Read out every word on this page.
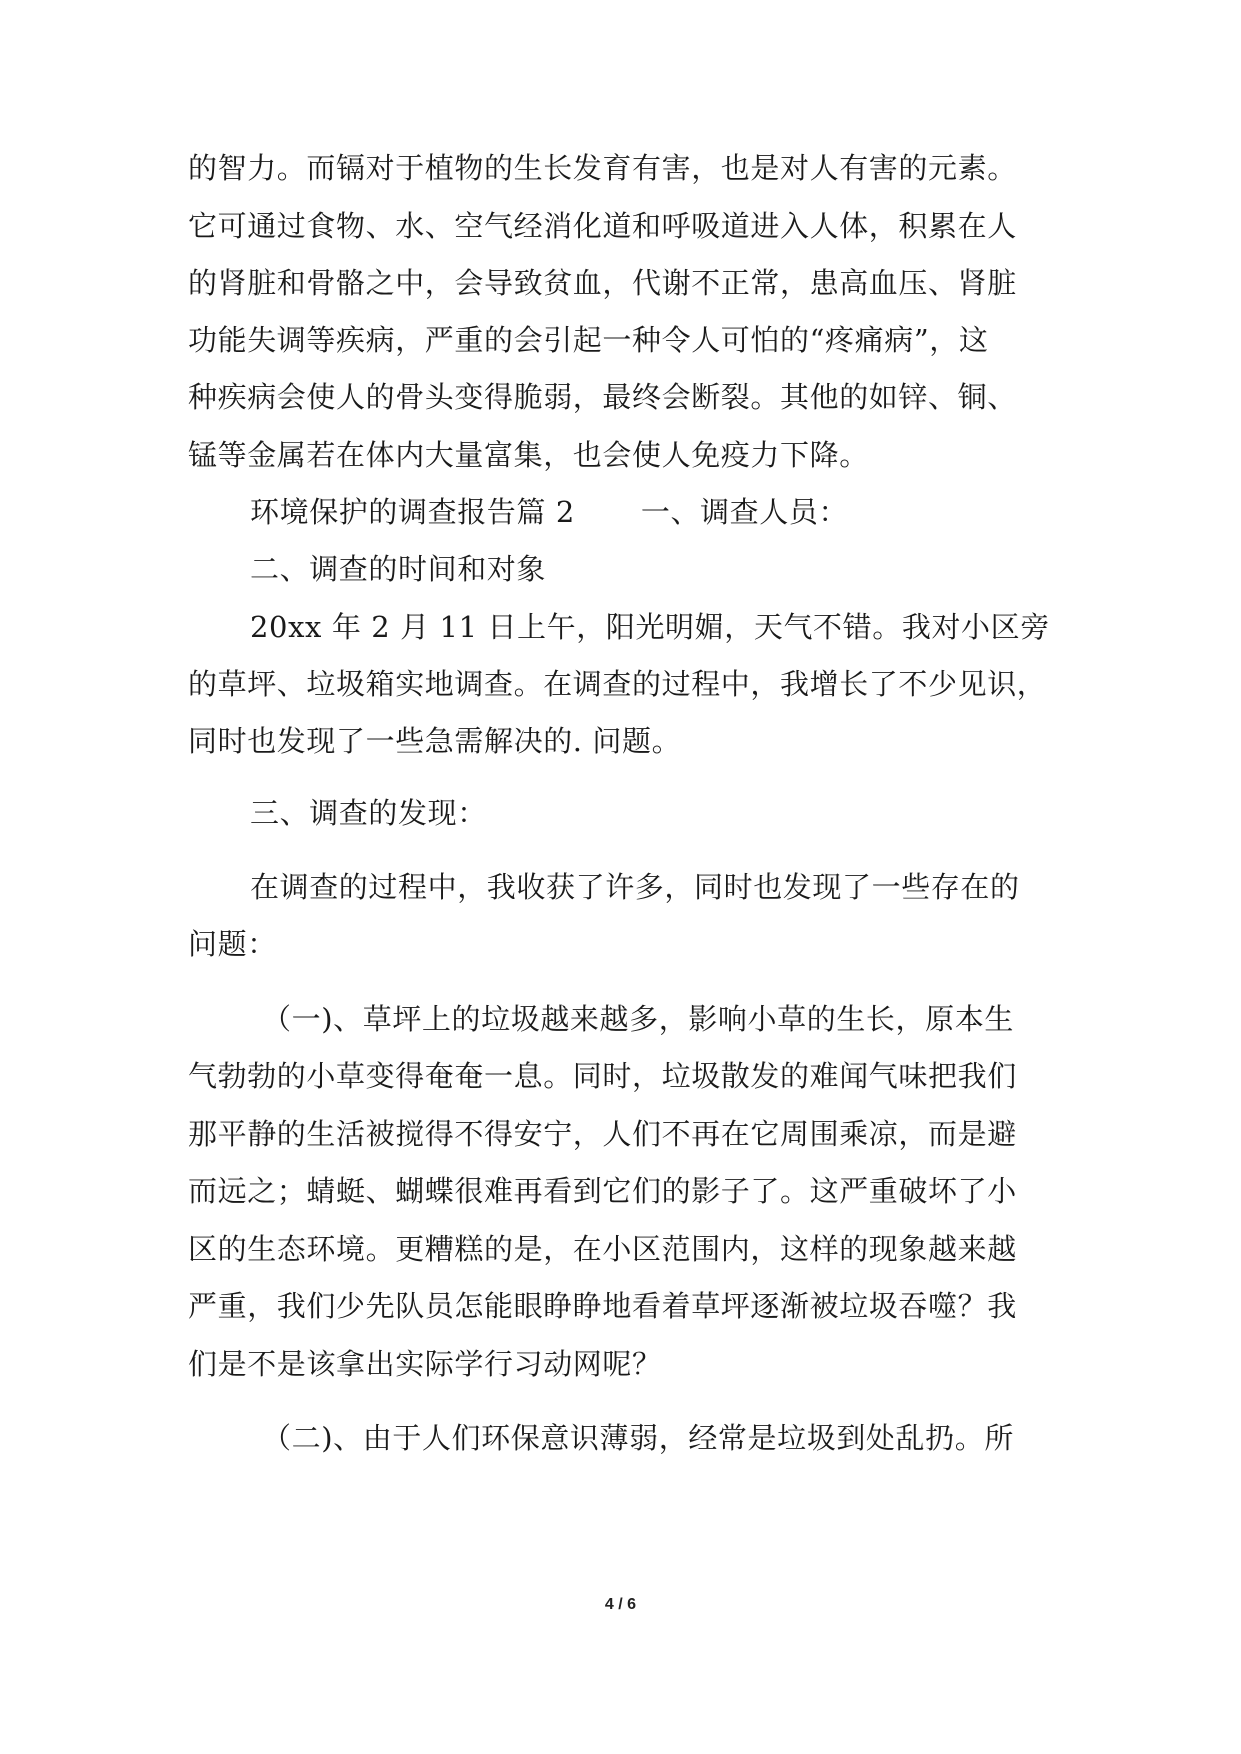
的智力。而镉对于植物的生长发育有害，也是对人有害的元素。
它可通过食物、水、空气经消化道和呼吸道进入人体，积累在人
的肾脏和骨骼之中，会导致贫血，代谢不正常，患高血压、肾脏
功能失调等疾病，严重的会引起一种令人可怕的“疼痛病”，这
种疾病会使人的骨头变得脆弱，最终会断裂。其他的如锌、铜、
锰等金属若在体内大量富集，也会使人免疫力下降。
环境保护的调查报告篇 2 一、调查人员：
二、调查的时间和对象
20xx 年 2 月 11 日上午，阳光明媚，天气不错。我对小区旁
的草坪、垃圾箱实地调查。在调查的过程中，我增长了不少见识，
同时也发现了一些急需解决的. 问题。
三、调查的发现：
在调查的过程中，我收获了许多，同时也发现了一些存在的
问题：
（一)、草坪上的垃圾越来越多，影响小草的生长，原本生
气勃勃的小草变得奄奄一息。同时，垃圾散发的难闻气味把我们
那平静的生活被搅得不得安宁，人们不再在它周围乘凉，而是避
而远之；蜻蜓、蝴蝶很难再看到它们的影子了。这严重破坏了小
区的生态环境。更糟糕的是，在小区范围内，这样的现象越来越
严重，我们少先队员怎能眼睁睁地看着草坪逐渐被垃圾吞噬？我
们是不是该拿出实际学行习动网呢？
（二)、由于人们环保意识薄弱，经常是垃圾到处乱扔。所
4 / 6
